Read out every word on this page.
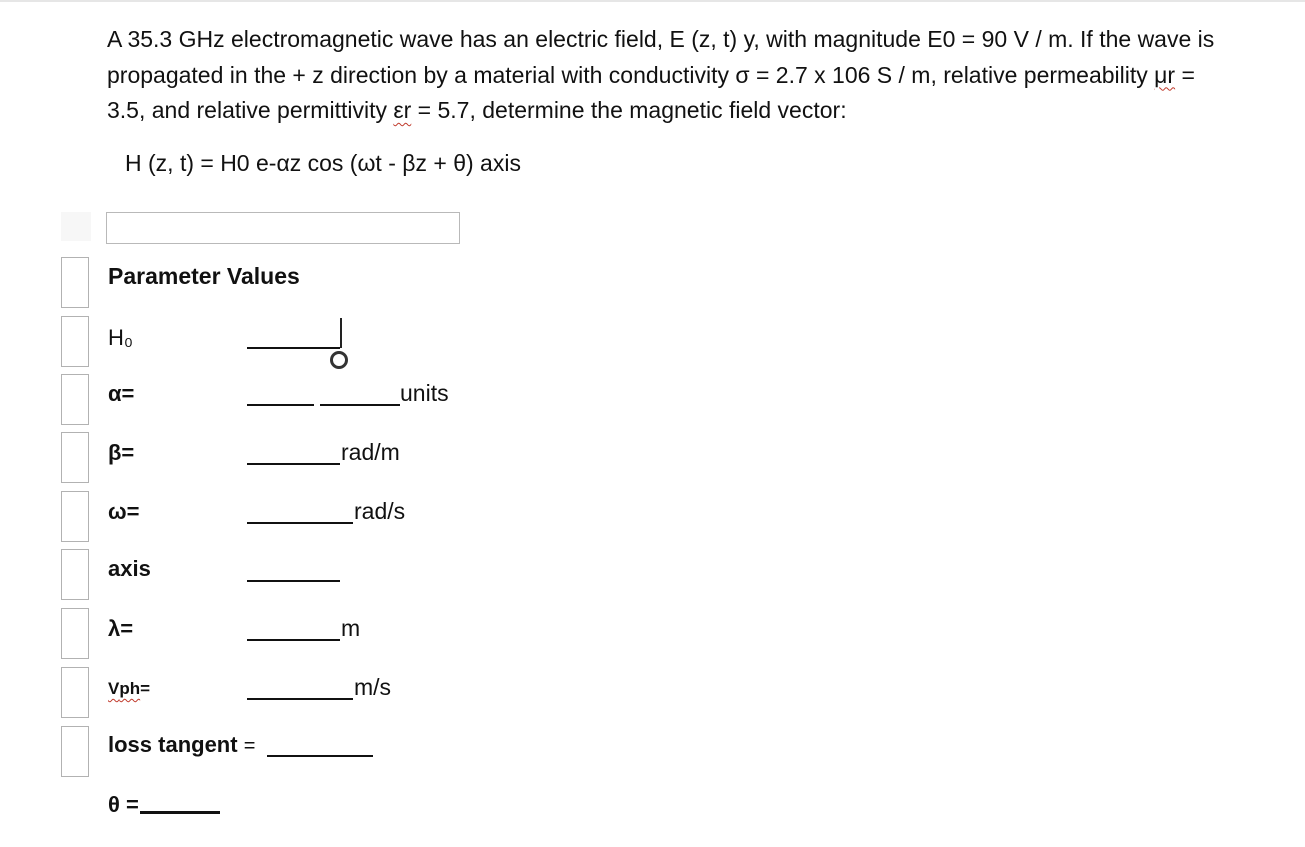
A 35.3 GHz electromagnetic wave has an electric field, E (z, t) y, with magnitude E0 = 90 V / m. If the wave is propagated in the + z direction by a material with conductivity σ = 2.7 x 106 S / m, relative permeability μr = 3.5, and relative permittivity εr = 5.7, determine the magnetic field vector:

H (z, t) = H0 e-αz cos (ωt - βz + θ) axis

Parameter Values
H₀
α=	units
β=	rad/m
ω=	rad/s
axis
λ=	m
Vph=	m/s
loss tangent =
θ =
